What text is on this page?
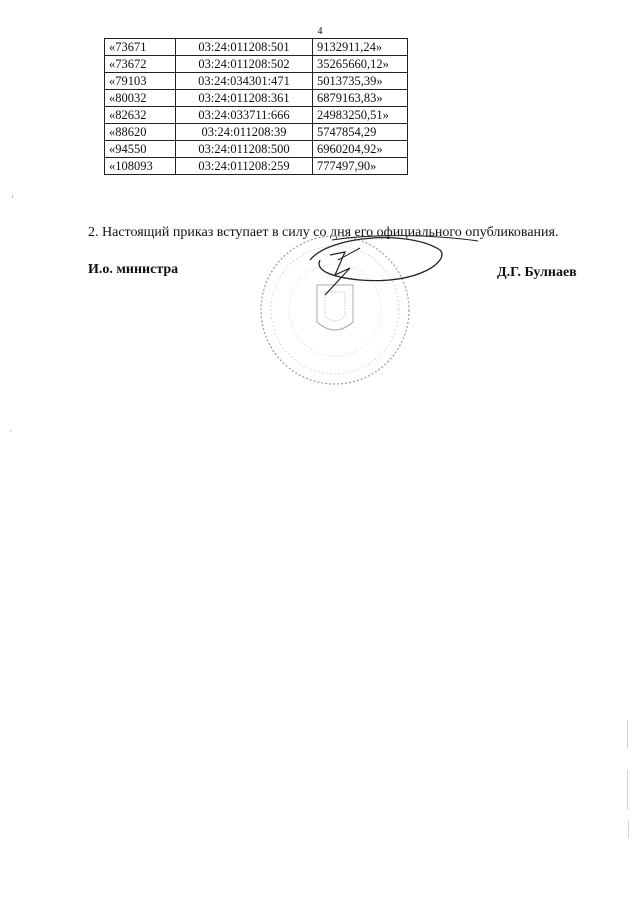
4
«73671	03:24:011208:501	9132911,24»
«73672	03:24:011208:502	35265660,12»
«79103	03:24:034301:471	5013735,39»
«80032	03:24:011208:361	6879163,83»
«82632	03:24:033711:666	24983250,51»
«88620	03:24:011208:39	5747854,29
«94550	03:24:011208:500	6960204,92»
«108093	03:24:011208:259	777497,90»
2. Настоящий приказ вступает в силу со дня его официального опубликования.
И.о. министра	Д.Г. Булнаев
